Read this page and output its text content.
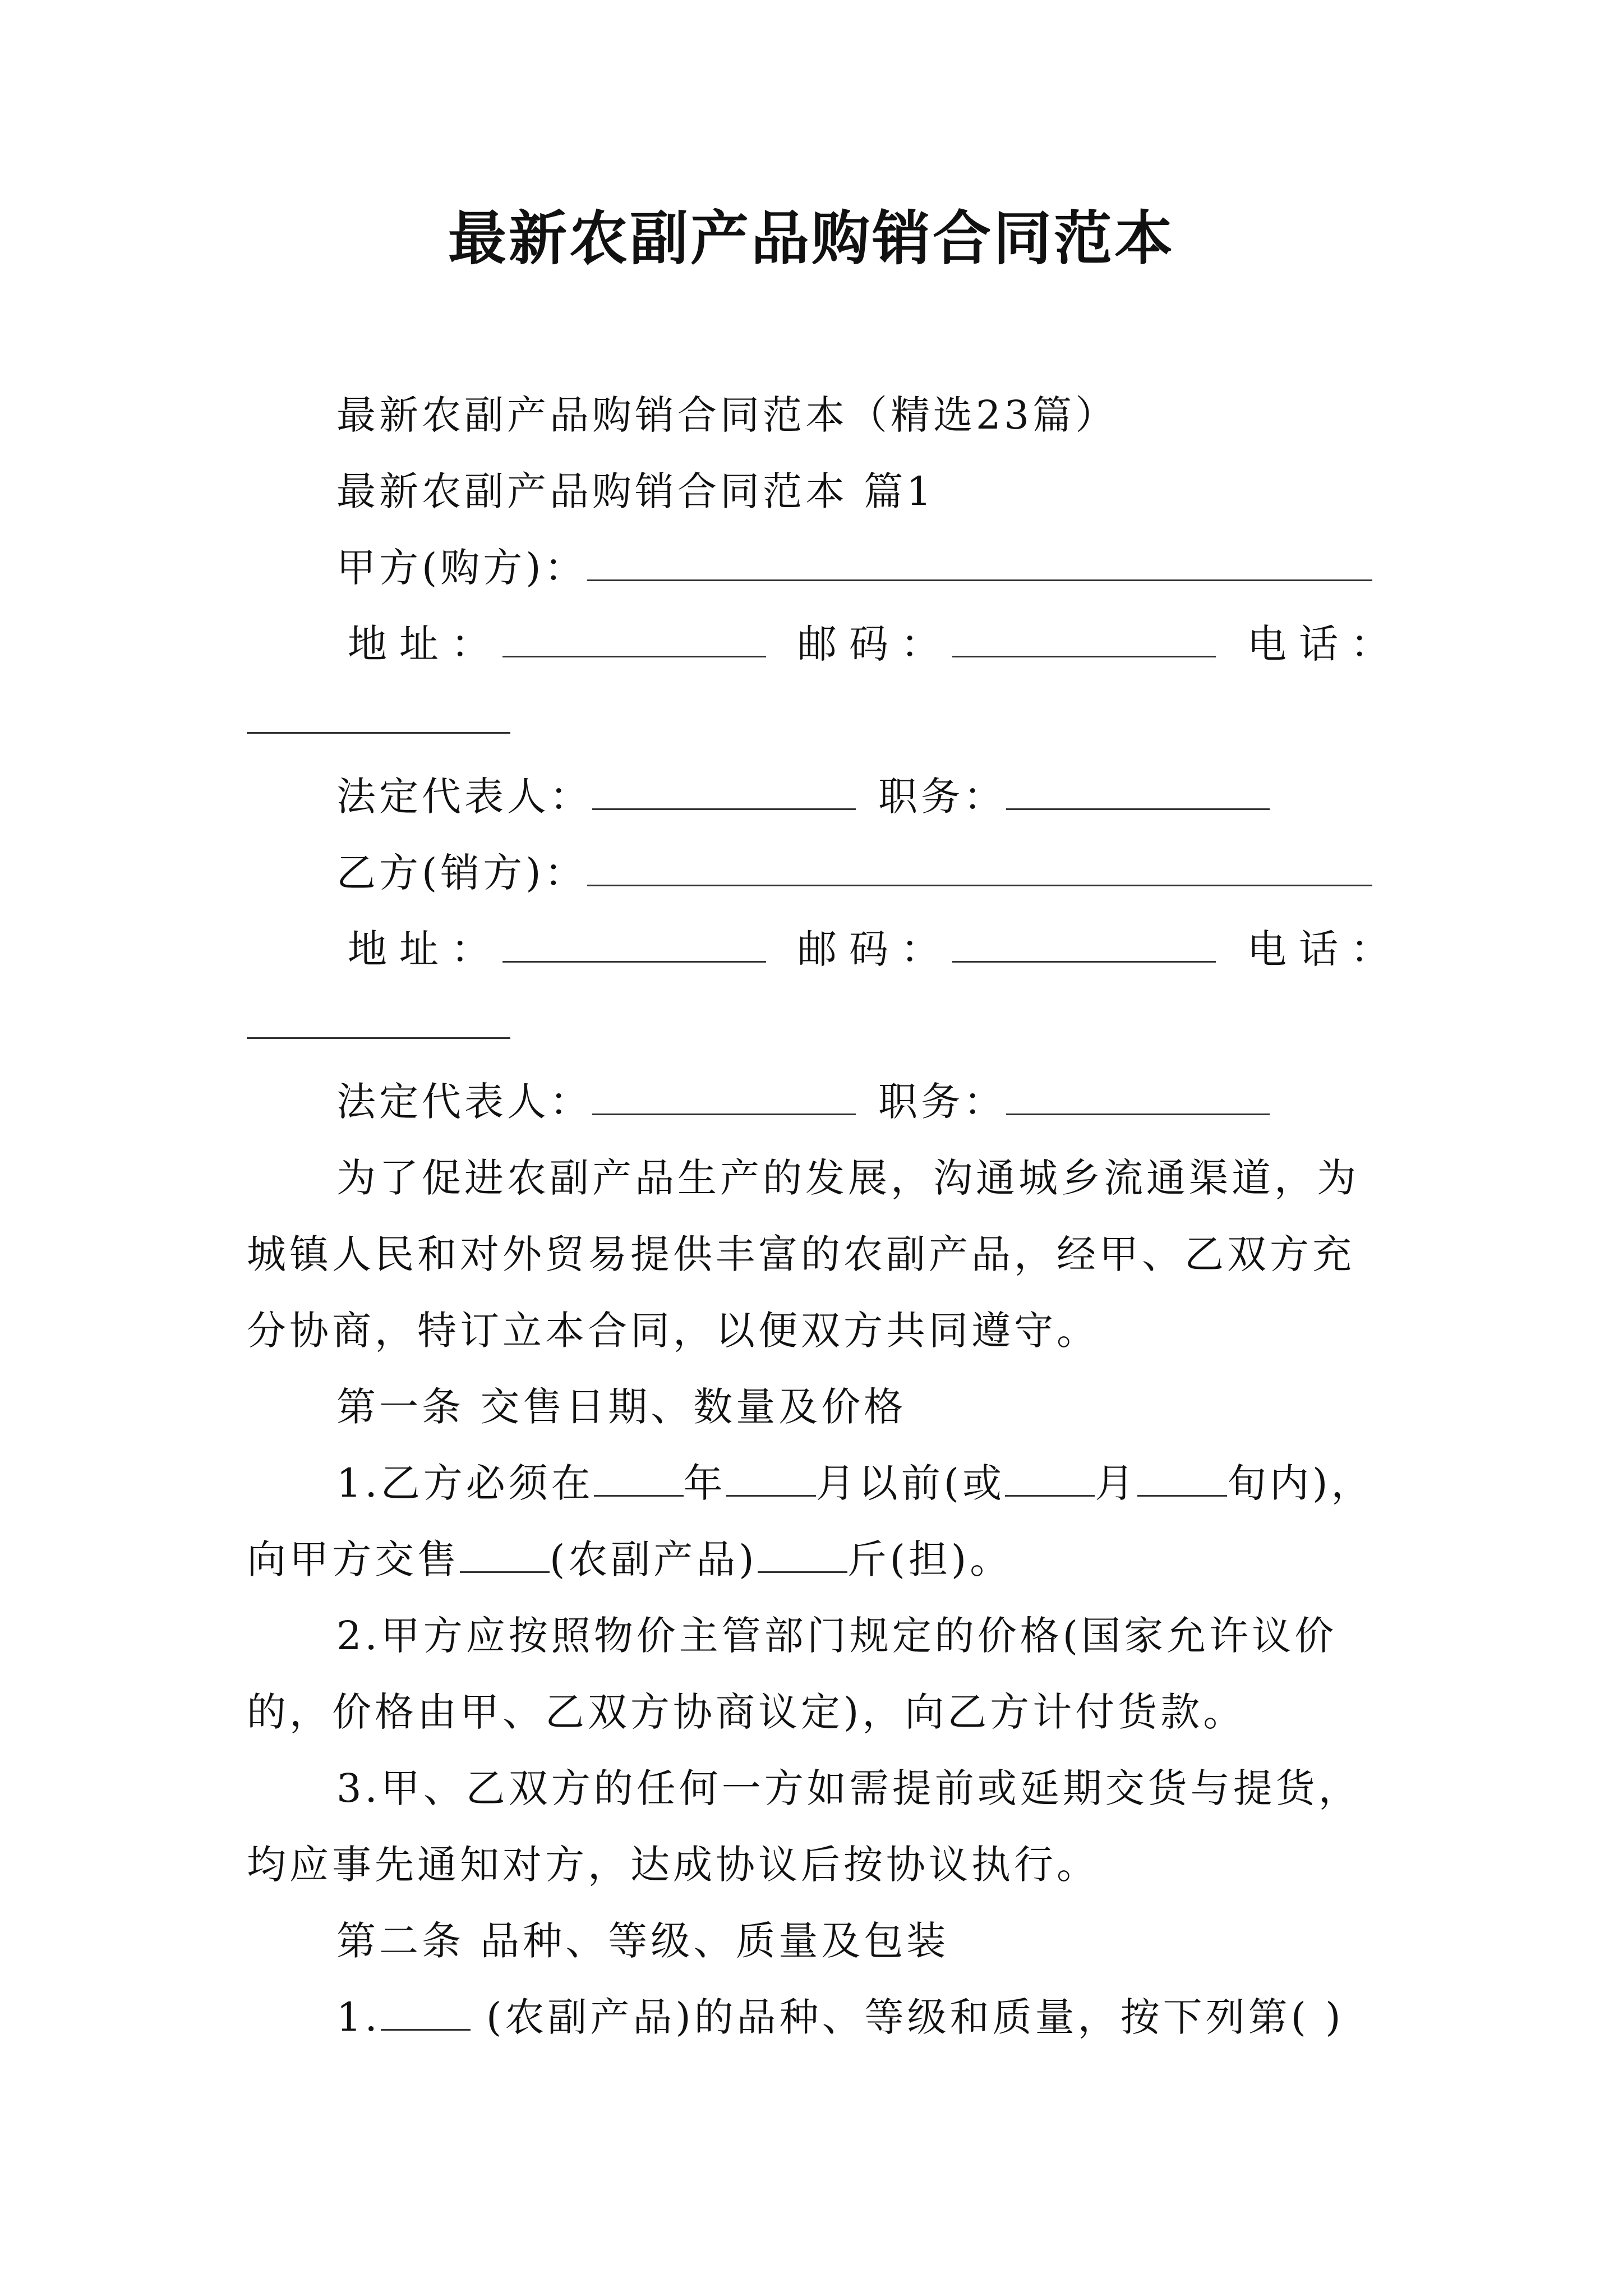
最新农副产品购销合同范本
最新农副产品购销合同范本（精选23篇）
最新农副产品购销合同范本 篇1
甲方(购方)：
地址：	邮码：	电话：
法定代表人：	职务：
乙方(销方)：
地址：	邮码：	电话：
法定代表人：	职务：
为了促进农副产品生产的发展，沟通城乡流通渠道，为
城镇人民和对外贸易提供丰富的农副产品，经甲、乙双方充
分协商，特订立本合同，以便双方共同遵守。
第一条 交售日期、数量及价格
1.乙方必须在 年 月以前(或 月 旬内)，
向甲方交售 (农副产品) 斤(担)。
2.甲方应按照物价主管部门规定的价格(国家允许议价
的，价格由甲、乙双方协商议定)，向乙方计付货款。
3.甲、乙双方的任何一方如需提前或延期交货与提货，
均应事先通知对方，达成协议后按协议执行。
第二条 品种、等级、质量及包装
1. (农副产品)的品种、等级和质量，按下列第( )
